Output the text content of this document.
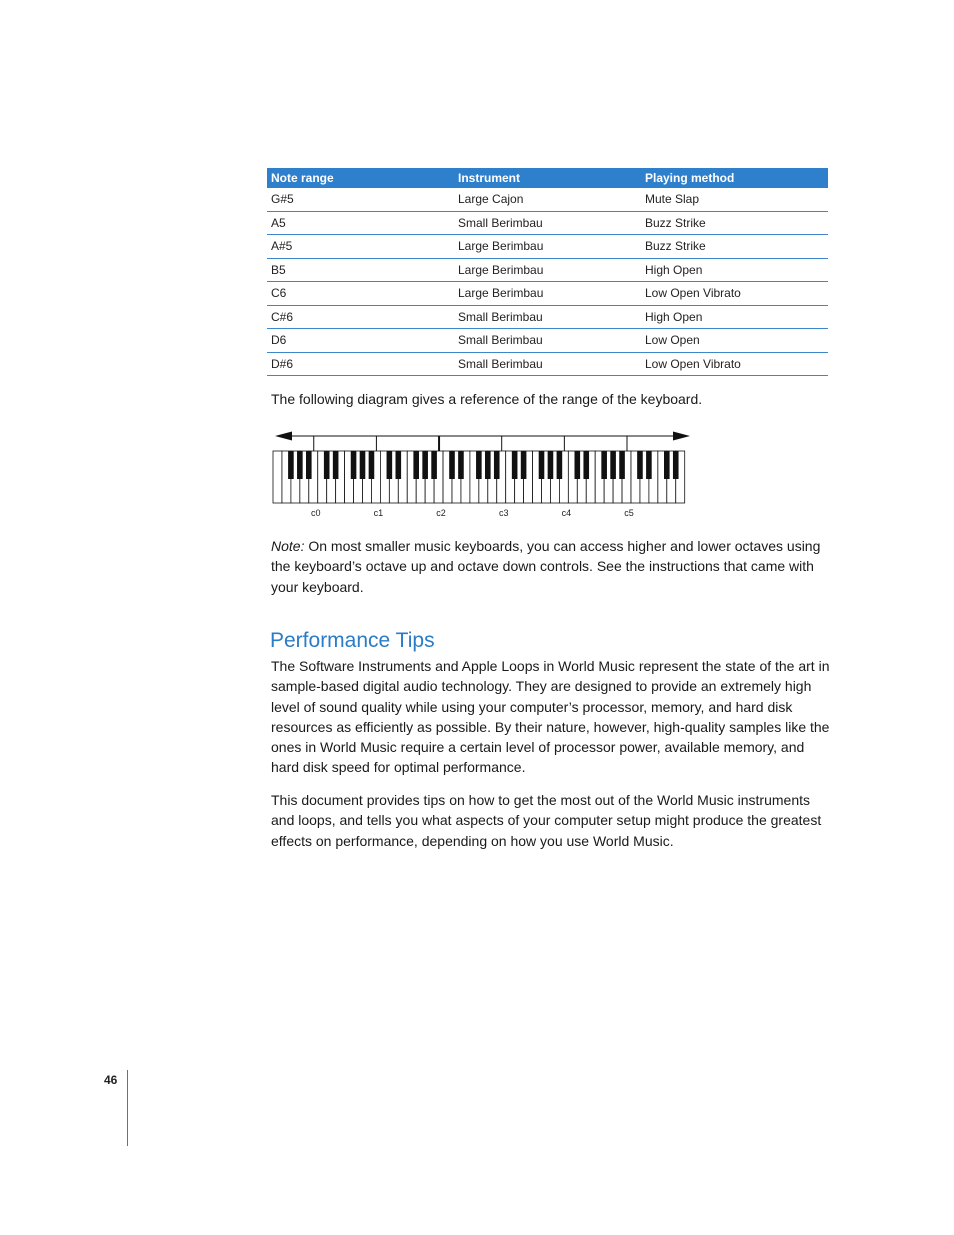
Note range	Instrument	Playing method
G#5	Large Cajon	Mute Slap
A5	Small Berimbau	Buzz Strike
A#5	Large Berimbau	Buzz Strike
B5	Large Berimbau	High Open
C6	Large Berimbau	Low Open Vibrato
C#6	Small Berimbau	High Open
D6	Small Berimbau	Low Open
D#6	Small Berimbau	Low Open Vibrato

The following diagram gives a reference of the range of the keyboard.

c0	c1	c2	c3	c4	c5

Note: On most smaller music keyboards, you can access higher and lower octaves using the keyboard’s octave up and octave down controls. See the instructions that came with your keyboard.

Performance Tips

The Software Instruments and Apple Loops in World Music represent the state of the art in sample-based digital audio technology. They are designed to provide an extremely high level of sound quality while using your computer’s processor, memory, and hard disk resources as efficiently as possible. By their nature, however, high-quality samples like the ones in World Music require a certain level of processor power, available memory, and hard disk speed for optimal performance.

This document provides tips on how to get the most out of the World Music instruments and loops, and tells you what aspects of your computer setup might produce the greatest effects on performance, depending on how you use World Music.

46
